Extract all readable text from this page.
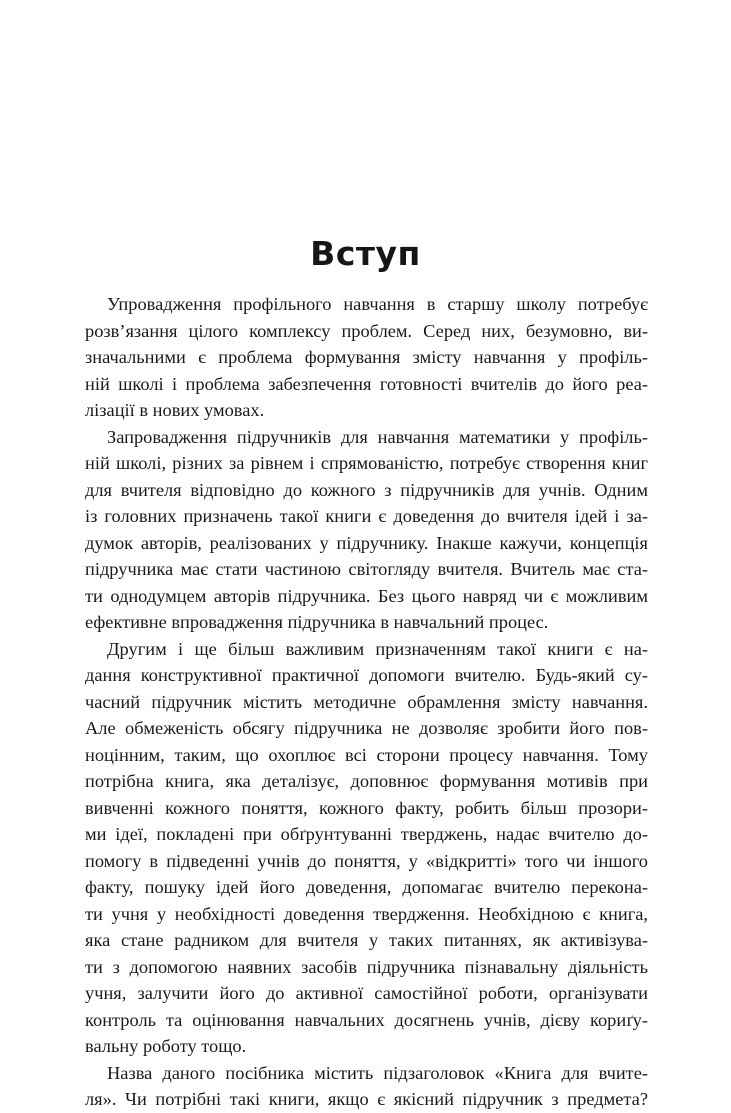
Вступ
Упровадження профільного навчання в старшу школу потребує
розв’язання цілого комплексу проблем. Серед них, безумовно, ви-
значальними є проблема формування змісту навчання у профіль-
ній школі і проблема забезпечення готовності вчителів до його реа-
лізації в нових умовах.
Запровадження підручників для навчання математики у профіль-
ній школі, різних за рівнем і спрямованістю, потребує створення книг
для вчителя відповідно до кожного з підручників для учнів. Одним
із головних призначень такої книги є доведення до вчителя ідей і за-
думок авторів, реалізованих у підручнику. Інакше кажучи, концепція
підручника має стати частиною світогляду вчителя. Вчитель має ста-
ти однодумцем авторів підручника. Без цього навряд чи є можливим
ефективне впровадження підручника в навчальний процес.
Другим і ще більш важливим призначенням такої книги є на-
дання конструктивної практичної допомоги вчителю. Будь-який су-
часний підручник містить методичне обрамлення змісту навчання.
Але обмеженість обсягу підручника не дозволяє зробити його пов-
ноцінним, таким, що охоплює всі сторони процесу навчання. Тому
потрібна книга, яка деталізує, доповнює формування мотивів при
вивченні кожного поняття, кожного факту, робить більш прозори-
ми ідеї, покладені при обґрунтуванні тверджень, надає вчителю до-
помогу в підведенні учнів до поняття, у «відкритті» того чи іншого
факту, пошуку ідей його доведення, допомагає вчителю переконa-
ти учня у необхідності доведення твердження. Необхідною є книга,
яка стане радником для вчителя у таких питаннях, як активізува-
ти з допомогою наявних засобів підручника пізнавальну діяльність
учня, залучити його до активної самостійної роботи, організувати
контроль та оцінювання навчальних досягнень учнів, дієву кориґу-
вальну роботу тощо.
Назва даного посібника містить підзаголовок «Книга для вчите-
ля». Чи потрібні такі книги, якщо є якісний підручник з предмета?
